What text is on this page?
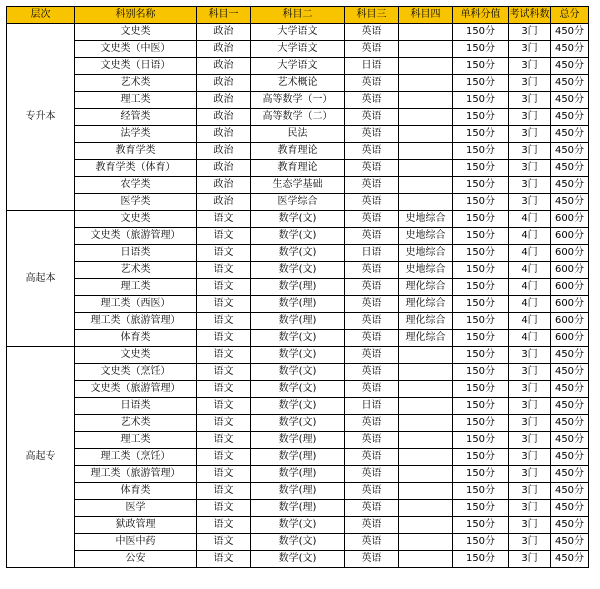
层次	科别名称	科目一	科目二	科目三	科目四	单科分值	考试科数	总分
专升本	文史类	政治	大学语文	英语		150分	3门	450分
	文史类（中医）	政治	大学语文	英语		150分	3门	450分
	文史类（日语）	政治	大学语文	日语		150分	3门	450分
	艺术类	政治	艺术概论	英语		150分	3门	450分
	理工类	政治	高等数学（一）	英语		150分	3门	450分
	经管类	政治	高等数学（二）	英语		150分	3门	450分
	法学类	政治	民法	英语		150分	3门	450分
	教育学类	政治	教育理论	英语		150分	3门	450分
	教育学类（体育）	政治	教育理论	英语		150分	3门	450分
	农学类	政治	生态学基础	英语		150分	3门	450分
	医学类	政治	医学综合	英语		150分	3门	450分
高起本	文史类	语文	数学(文)	英语	史地综合	150分	4门	600分
	文史类（旅游管理）	语文	数学(文)	英语	史地综合	150分	4门	600分
	日语类	语文	数学(文)	日语	史地综合	150分	4门	600分
	艺术类	语文	数学(文)	英语	史地综合	150分	4门	600分
	理工类	语文	数学(理)	英语	理化综合	150分	4门	600分
	理工类（西医）	语文	数学(理)	英语	理化综合	150分	4门	600分
	理工类（旅游管理）	语文	数学(理)	英语	理化综合	150分	4门	600分
	体育类	语文	数学(文)	英语	理化综合	150分	4门	600分
高起专	文史类	语文	数学(文)	英语		150分	3门	450分
	文史类（烹饪）	语文	数学(文)	英语		150分	3门	450分
	文史类（旅游管理）	语文	数学(文)	英语		150分	3门	450分
	日语类	语文	数学(文)	日语		150分	3门	450分
	艺术类	语文	数学(文)	英语		150分	3门	450分
	理工类	语文	数学(理)	英语		150分	3门	450分
	理工类（烹饪）	语文	数学(理)	英语		150分	3门	450分
	理工类（旅游管理）	语文	数学(理)	英语		150分	3门	450分
	体育类	语文	数学(理)	英语		150分	3门	450分
	医学	语文	数学(理)	英语		150分	3门	450分
	狱政管理	语文	数学(文)	英语		150分	3门	450分
	中医中药	语文	数学(文)	英语		150分	3门	450分
	公安	语文	数学(文)	英语		150分	3门	450分
